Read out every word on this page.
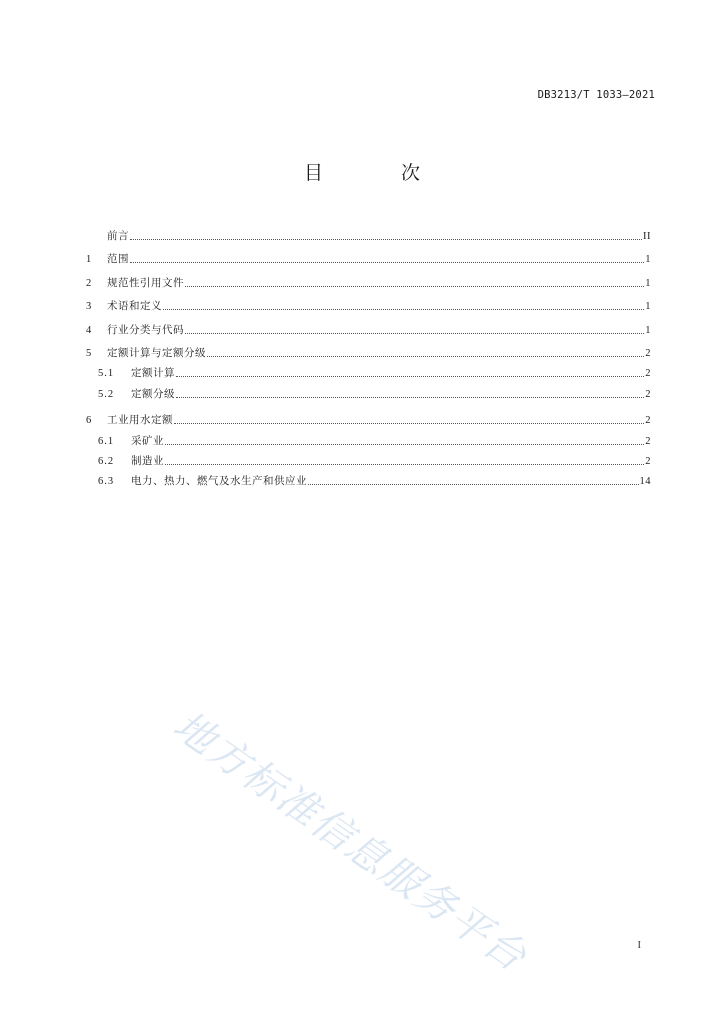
DB3213/T 1033—2021
目 次
前言	II
1	范围	1
2	规范性引用文件	1
3	术语和定义	1
4	行业分类与代码	1
5	定额计算与定额分级	2
5.1	定额计算	2
5.2	定额分级	2
6	工业用水定额	2
6.1	采矿业	2
6.2	制造业	2
6.3	电力、热力、燃气及水生产和供应业	14
地方标准信息服务平台	I
